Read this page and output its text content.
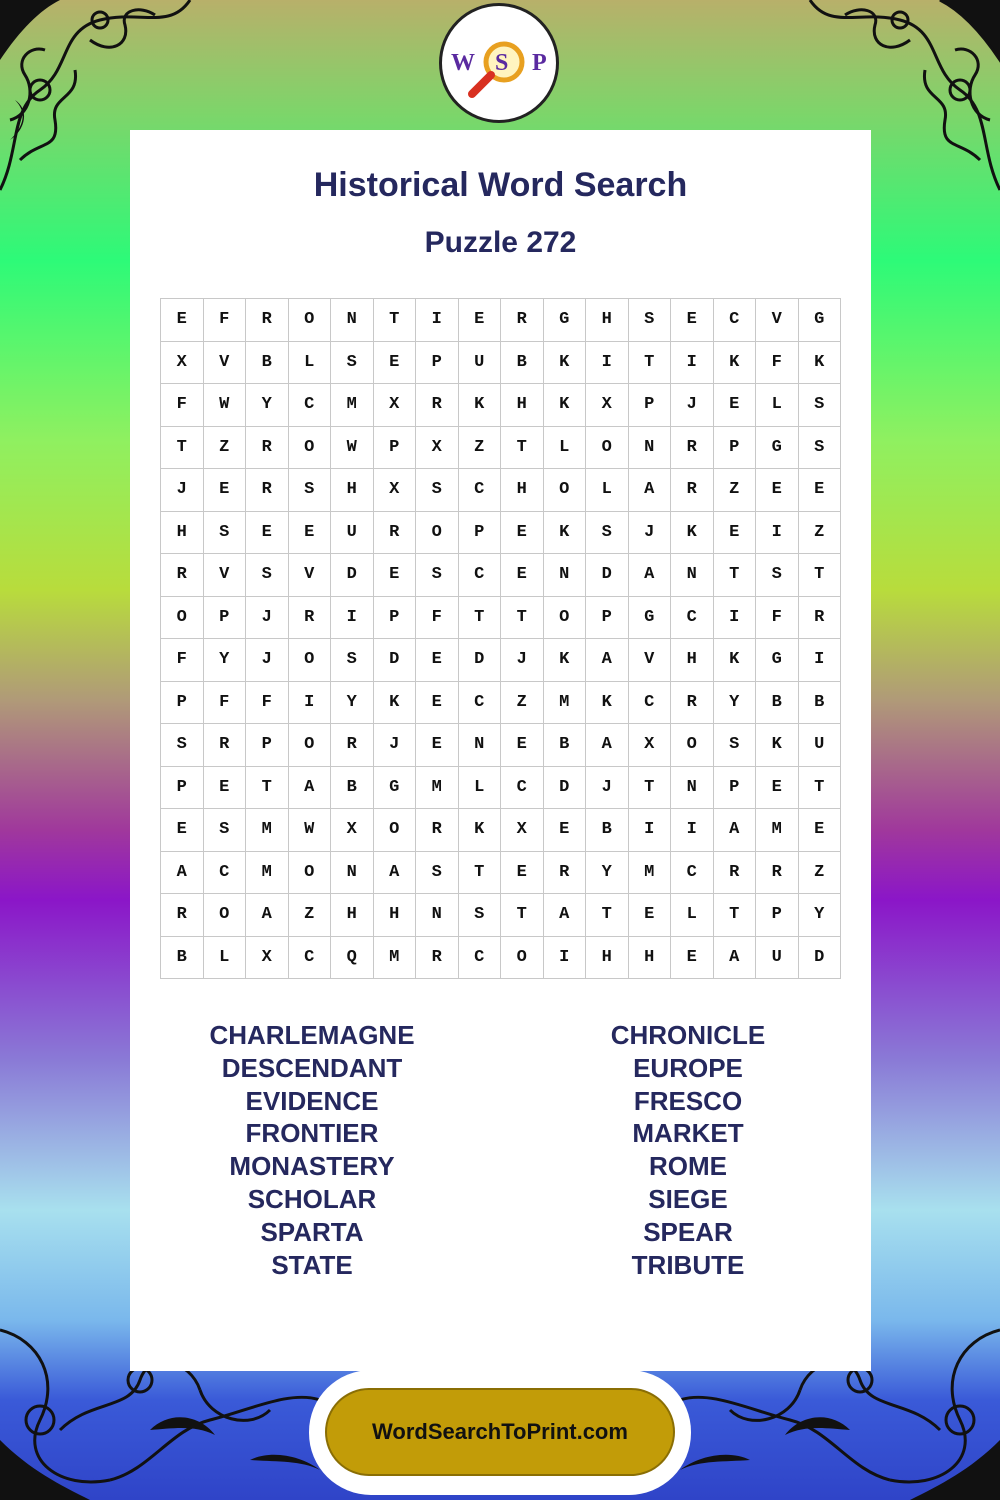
W S P
Historical Word Search
Puzzle 272
E	F	R	O	N	T	I	E	R	G	H	S	E	C	V	G
X	V	B	L	S	E	P	U	B	K	I	T	I	K	F	K
F	W	Y	C	M	X	R	K	H	K	X	P	J	E	L	S
T	Z	R	O	W	P	X	Z	T	L	O	N	R	P	G	S
J	E	R	S	H	X	S	C	H	O	L	A	R	Z	E	E
H	S	E	E	U	R	O	P	E	K	S	J	K	E	I	Z
R	V	S	V	D	E	S	C	E	N	D	A	N	T	S	T
O	P	J	R	I	P	F	T	T	O	P	G	C	I	F	R
F	Y	J	O	S	D	E	D	J	K	A	V	H	K	G	I
P	F	F	I	Y	K	E	C	Z	M	K	C	R	Y	B	B
S	R	P	O	R	J	E	N	E	B	A	X	O	S	K	U
P	E	T	A	B	G	M	L	C	D	J	T	N	P	E	T
E	S	M	W	X	O	R	K	X	E	B	I	I	A	M	E
A	C	M	O	N	A	S	T	E	R	Y	M	C	R	R	Z
R	O	A	Z	H	H	N	S	T	A	T	E	L	T	P	Y
B	L	X	C	Q	M	R	C	O	I	H	H	E	A	U	D
CHARLEMAGNE
DESCENDANT
EVIDENCE
FRONTIER
MONASTERY
SCHOLAR
SPARTA
STATE
CHRONICLE
EUROPE
FRESCO
MARKET
ROME
SIEGE
SPEAR
TRIBUTE
WordSearchToPrint.com
